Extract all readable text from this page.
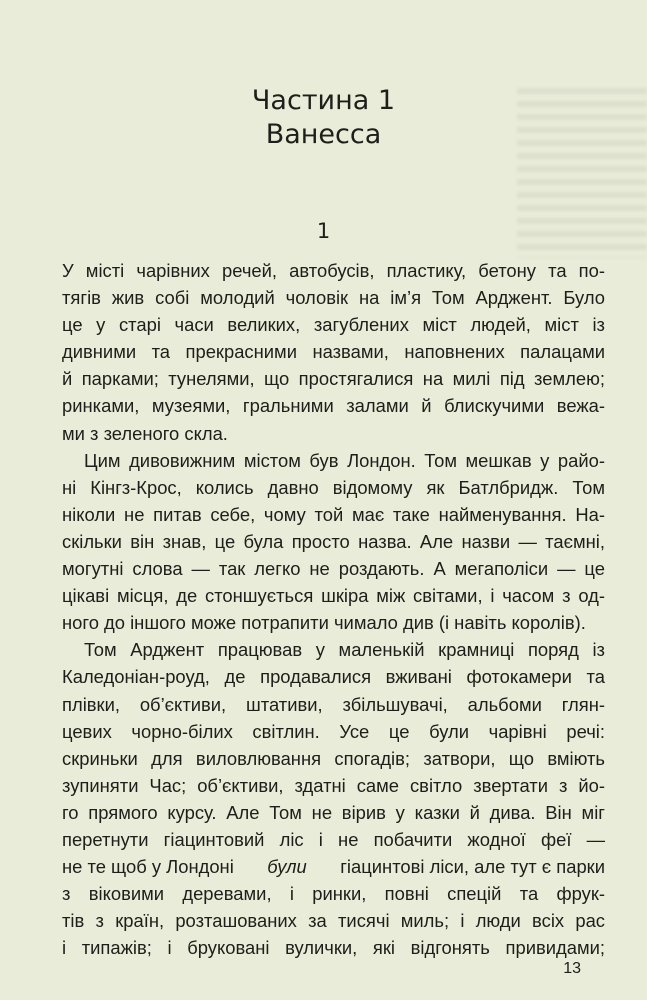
Частина 1
Ванесса
1
У місті чарівних речей, автобусів, пластику, бетону та по-
тягів жив собі молодий чоловік на ім’я Том Арджент. Було
це у старі часи великих, загублених міст людей, міст із
дивними та прекрасними назвами, наповнених палацами
й парками; тунелями, що простягалися на милі під землею;
ринками, музеями, гральними залами й блискучими вежа-
ми з зеленого скла.
Цим дивовижним містом був Лондон. Том мешкав у райо-
ні Кінгз-Крос, колись давно відомому як Батлбридж. Том
ніколи не питав себе, чому той має таке найменування. На-
скільки він знав, це була просто назва. Але назви — таємні,
могутні слова — так легко не роздають. А мегаполіси — це
цікаві місця, де стоншується шкіра між світами, і часом з од-
ного до іншого може потрапити чимало див (і навіть королів).
Том Арджент працював у маленькій крамниці поряд із
Каледоніан-роуд, де продавалися вживані фотокамери та
плівки, об’єктиви, штативи, збільшувачі, альбоми глян-
цевих чорно-білих світлин. Усе це були чарівні речі:
скриньки для виловлювання спогадів; затвори, що вміють
зупиняти Час; об’єктиви, здатні саме світло звертати з йо-
го прямого курсу. Але Том не вірив у казки й дива. Він міг
перетнути гіацинтовий ліс і не побачити жодної феї —
не те щоб у Лондоні були гіацинтові ліси, але тут є парки
з віковими деревами, і ринки, повні спецій та фрук-
тів з країн, розташованих за тисячі миль; і люди всіх рас
і типажів; і бруковані вулички, які відгонять привидами;
13
